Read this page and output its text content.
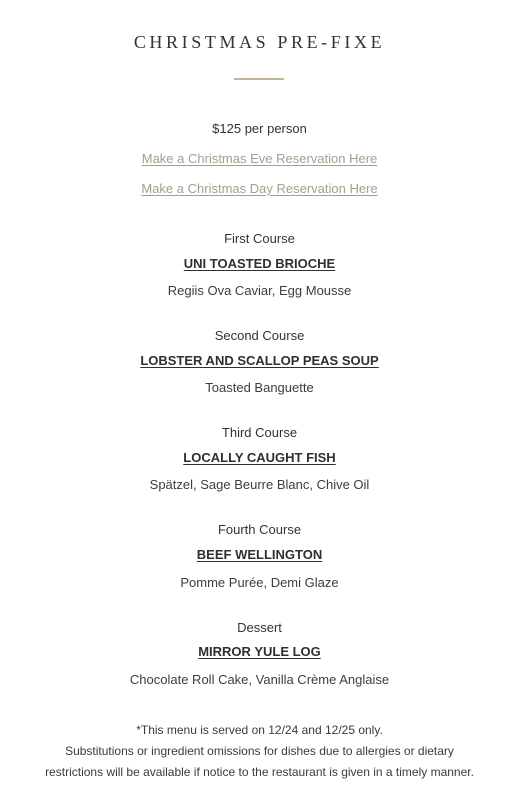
CHRISTMAS PRE-FIXE

$125 per person

Make a Christmas Eve Reservation Here

Make a Christmas Day Reservation Here

First Course

UNI TOASTED BRIOCHE

Regiis Ova Caviar, Egg Mousse

Second Course

LOBSTER AND SCALLOP PEAS SOUP

Toasted Banguette

Third Course

LOCALLY CAUGHT FISH

Spätzel, Sage Beurre Blanc, Chive Oil

Fourth Course

BEEF WELLINGTON

Pomme Purée, Demi Glaze

Dessert

MIRROR YULE LOG

Chocolate Roll Cake, Vanilla Crème Anglaise

*This menu is served on 12/24 and 12/25 only.

Substitutions or ingredient omissions for dishes due to allergies or dietary restrictions will be available if notice to the restaurant is given in a timely manner.
